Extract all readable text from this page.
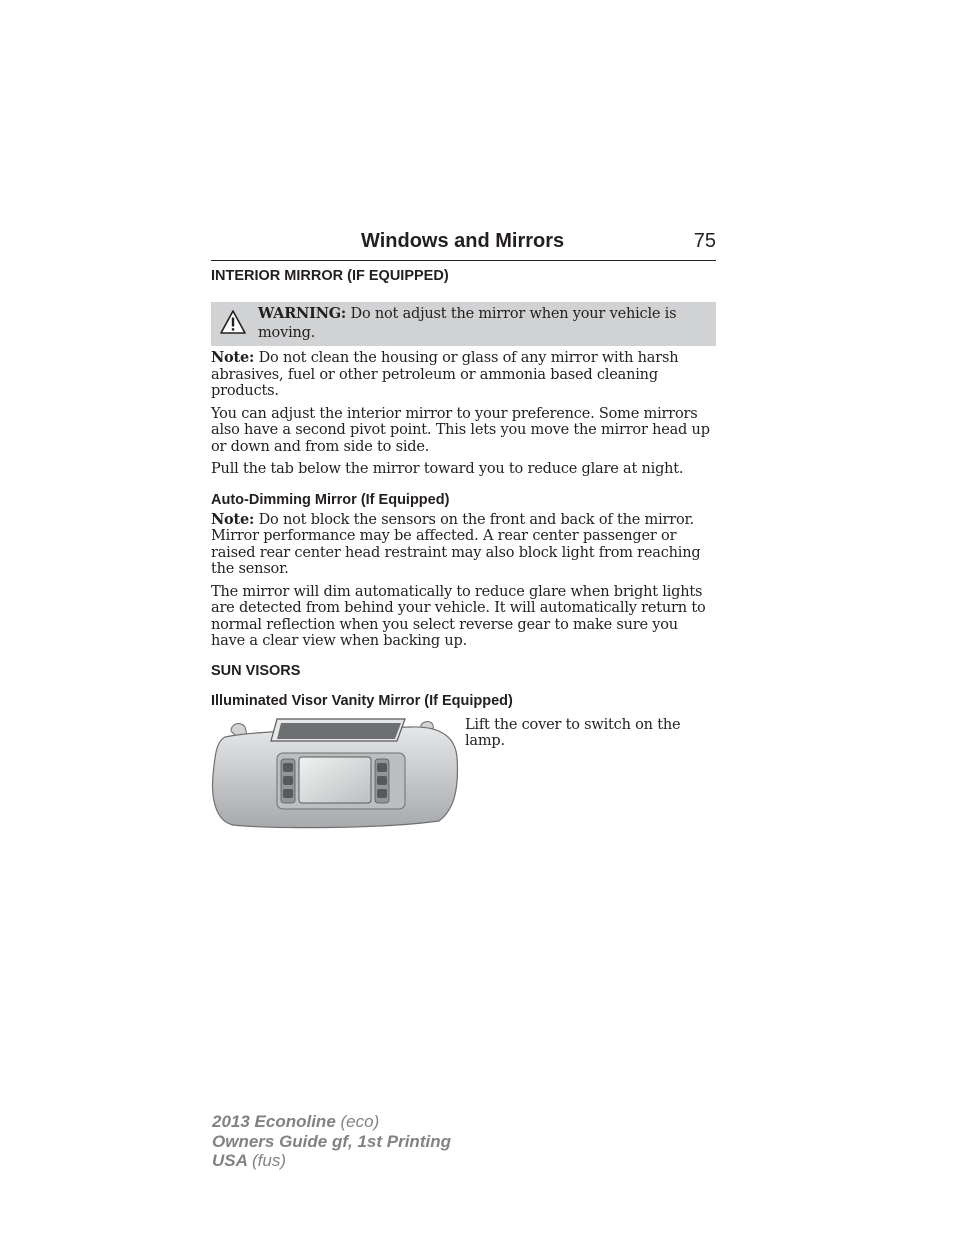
Windows and Mirrors	75
INTERIOR MIRROR (IF EQUIPPED)
WARNING: Do not adjust the mirror when your vehicle is moving.

Note: Do not clean the housing or glass of any mirror with harsh abrasives, fuel or other petroleum or ammonia based cleaning products.

You can adjust the interior mirror to your preference. Some mirrors also have a second pivot point. This lets you move the mirror head up or down and from side to side.

Pull the tab below the mirror toward you to reduce glare at night.

Auto-Dimming Mirror (If Equipped)

Note: Do not block the sensors on the front and back of the mirror. Mirror performance may be affected. A rear center passenger or raised rear center head restraint may also block light from reaching the sensor.

The mirror will dim automatically to reduce glare when bright lights are detected from behind your vehicle. It will automatically return to normal reflection when you select reverse gear to make sure you have a clear view when backing up.

SUN VISORS
Illuminated Visor Vanity Mirror (If Equipped)

Lift the cover to switch on the lamp.

2013 Econoline (eco)
Owners Guide gf, 1st Printing
USA (fus)
